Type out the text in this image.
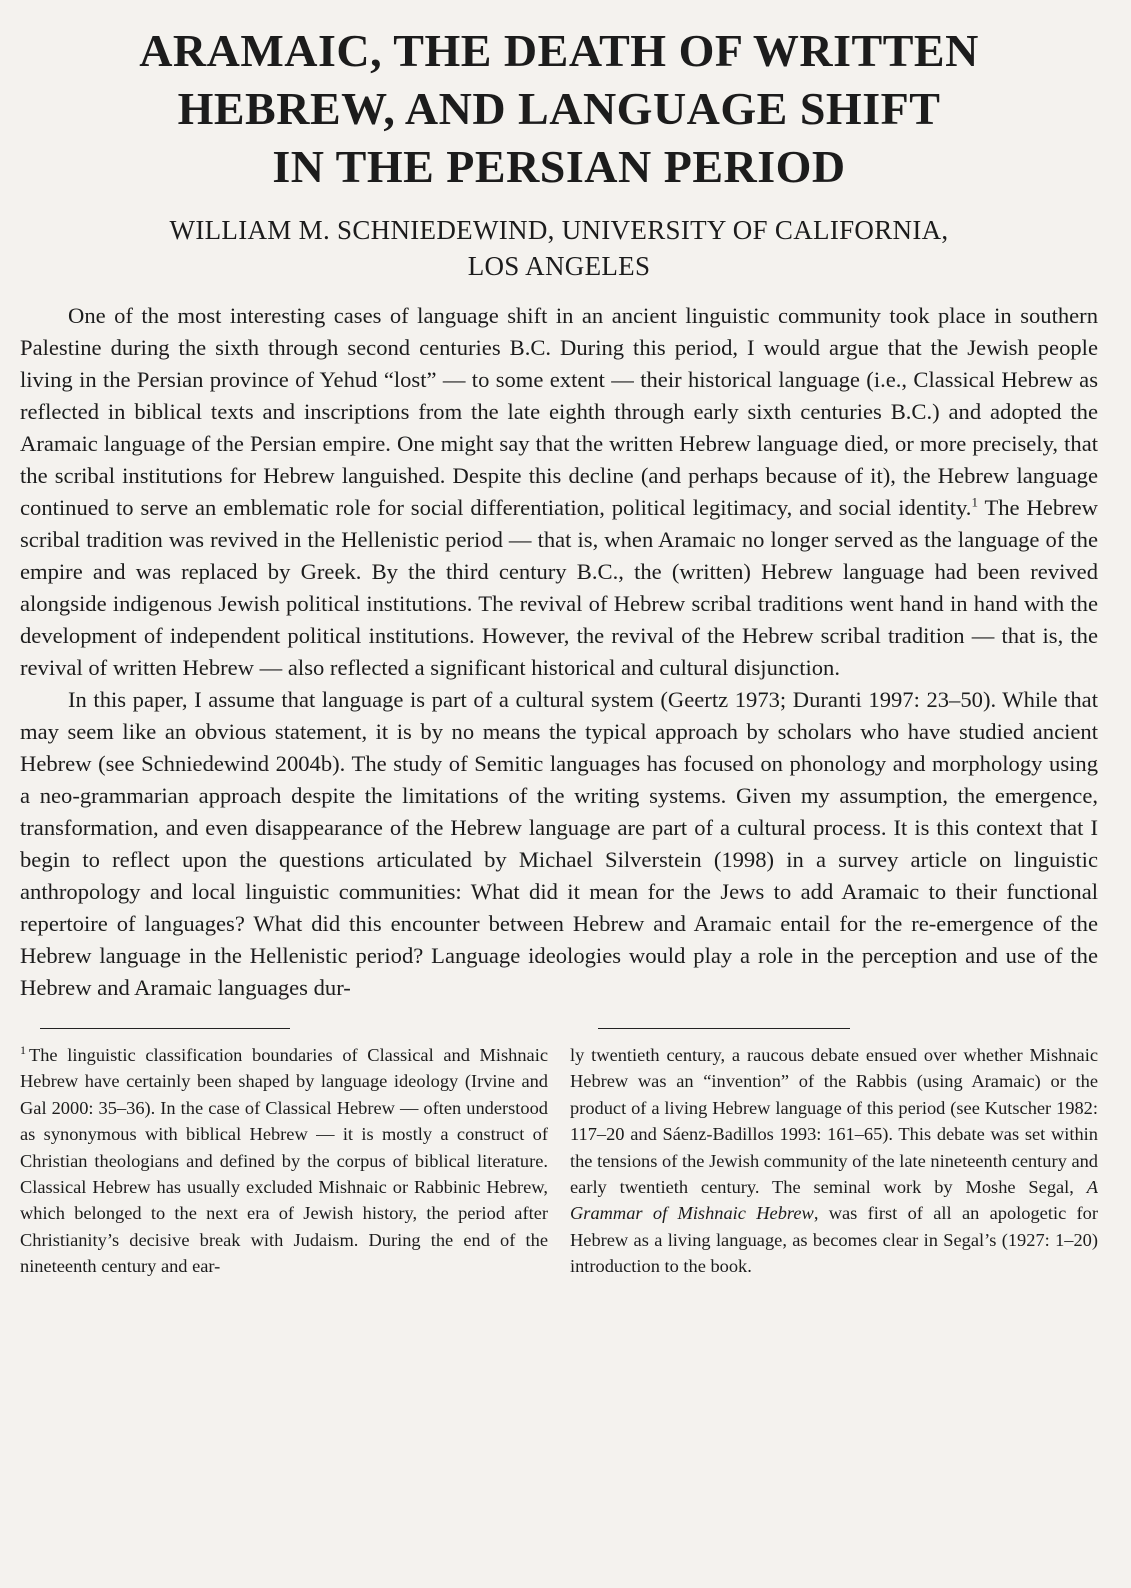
ARAMAIC, THE DEATH OF WRITTEN
HEBREW, AND LANGUAGE SHIFT
IN THE PERSIAN PERIOD
WILLIAM M. SCHNIEDEWIND, UNIVERSITY OF CALIFORNIA,
LOS ANGELES

One of the most interesting cases of language shift in an ancient linguistic community took place in southern Palestine during the sixth through second centuries B.C. During this period, I would argue that the Jewish people living in the Persian province of Yehud “lost” — to some extent — their historical language (i.e., Classical Hebrew as reflected in biblical texts and inscriptions from the late eighth through early sixth centuries B.C.) and adopted the Aramaic language of the Persian empire. One might say that the written Hebrew language died, or more precisely, that the scribal institutions for Hebrew languished. Despite this decline (and perhaps because of it), the Hebrew language continued to serve an emblematic role for social differentiation, political legitimacy, and social identity.$^1$ The Hebrew scribal tradition was revived in the Hellenistic period — that is, when Aramaic no longer served as the language of the empire and was replaced by Greek. By the third century B.C., the (written) Hebrew language had been revived alongside indigenous Jewish political institutions. The revival of Hebrew scribal traditions went hand in hand with the development of independent political institutions. However, the revival of the Hebrew scribal tradition — that is, the revival of written Hebrew — also reflected a significant historical and cultural disjunction.

In this paper, I assume that language is part of a cultural system (Geertz 1973; Duranti 1997: 23–50). While that may seem like an obvious statement, it is by no means the typical approach by scholars who have studied ancient Hebrew (see Schniedewind 2004b). The study of Semitic languages has focused on phonology and morphology using a neo-grammarian approach despite the limitations of the writing systems. Given my assumption, the emergence, transformation, and even disappearance of the Hebrew language are part of a cultural process. It is this context that I begin to reflect upon the questions articulated by Michael Silverstein (1998) in a survey article on linguistic anthropology and local linguistic communities: What did it mean for the Jews to add Aramaic to their functional repertoire of languages? What did this encounter between Hebrew and Aramaic entail for the re-emergence of the Hebrew language in the Hellenistic period? Language ideologies would play a role in the perception and use of the Hebrew and Aramaic languages dur-

$^1$ The linguistic classification boundaries of Classical and Mishnaic Hebrew have certainly been shaped by language ideology (Irvine and Gal 2000: 35–36). In the case of Classical Hebrew — often understood as synonymous with biblical Hebrew — it is mostly a construct of Christian theologians and defined by the corpus of biblical literature. Classical Hebrew has usually excluded Mishnaic or Rabbinic Hebrew, which belonged to the next era of Jewish history, the period after Christianity’s decisive break with Judaism. During the end of the nineteenth century and ear-

ly twentieth century, a raucous debate ensued over whether Mishnaic Hebrew was an “invention” of the Rabbis (using Aramaic) or the product of a living Hebrew language of this period (see Kutscher 1982: 117–20 and Sáenz-Badillos 1993: 161–65). This debate was set within the tensions of the Jewish community of the late nineteenth century and early twentieth century. The seminal work by Moshe Segal, A Grammar of Mishnaic Hebrew, was first of all an apologetic for Hebrew as a living language, as becomes clear in Segal’s (1927: 1–20) introduction to the book.
